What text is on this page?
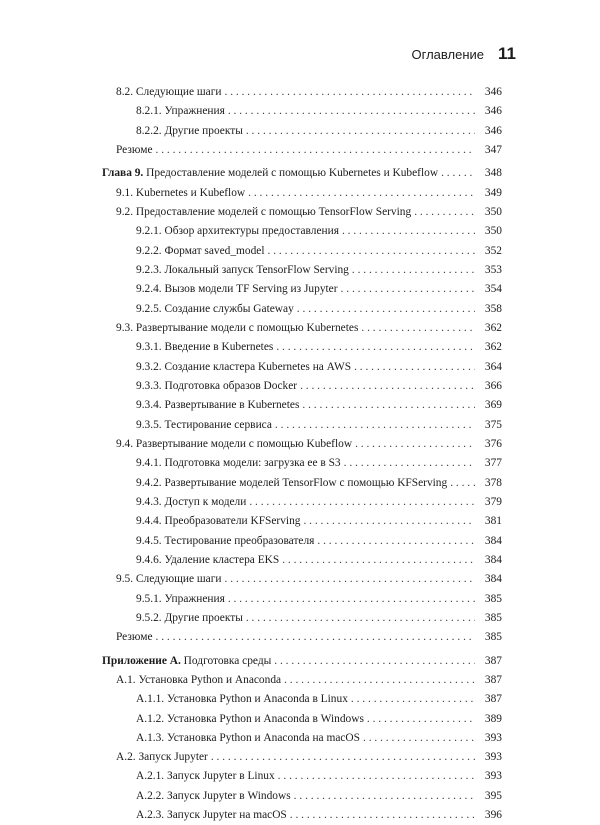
Оглавление 11
8.2. Следующие шаги . . .	346
8.2.1. Упражнения . . .	346
8.2.2. Другие проекты . . .	346
Резюме . . .	347
Глава 9. Предоставление моделей с помощью Kubernetes и Kubeflow . . .	348
9.1. Kubernetes и Kubeflow . . .	349
9.2. Предоставление моделей с помощью TensorFlow Serving . . .	350
9.2.1. Обзор архитектуры предоставления . . .	350
9.2.2. Формат saved_model . . .	352
9.2.3. Локальный запуск TensorFlow Serving . . .	353
9.2.4. Вызов модели TF Serving из Jupyter . . .	354
9.2.5. Создание службы Gateway . . .	358
9.3. Развертывание модели с помощью Kubernetes . . .	362
9.3.1. Введение в Kubernetes . . .	362
9.3.2. Создание кластера Kubernetes на AWS . . .	364
9.3.3. Подготовка образов Docker . . .	366
9.3.4. Развертывание в Kubernetes . . .	369
9.3.5. Тестирование сервиса . . .	375
9.4. Развертывание модели с помощью Kubeflow . . .	376
9.4.1. Подготовка модели: загрузка ее в S3 . . .	377
9.4.2. Развертывание моделей TensorFlow с помощью KFServing . . .	378
9.4.3. Доступ к модели . . .	379
9.4.4. Преобразователи KFServing . . .	381
9.4.5. Тестирование преобразователя . . .	384
9.4.6. Удаление кластера EKS . . .	384
9.5. Следующие шаги . . .	384
9.5.1. Упражнения . . .	385
9.5.2. Другие проекты . . .	385
Резюме . . .	385
Приложение А. Подготовка среды . . .	387
А.1. Установка Python и Anaconda . . .	387
А.1.1. Установка Python и Anaconda в Linux . . .	387
А.1.2. Установка Python и Anaconda в Windows . . .	389
А.1.3. Установка Python и Anaconda на macOS . . .	393
А.2. Запуск Jupyter . . .	393
А.2.1. Запуск Jupyter в Linux . . .	393
А.2.2. Запуск Jupyter в Windows . . .	395
А.2.3. Запуск Jupyter на macOS . . .	396
